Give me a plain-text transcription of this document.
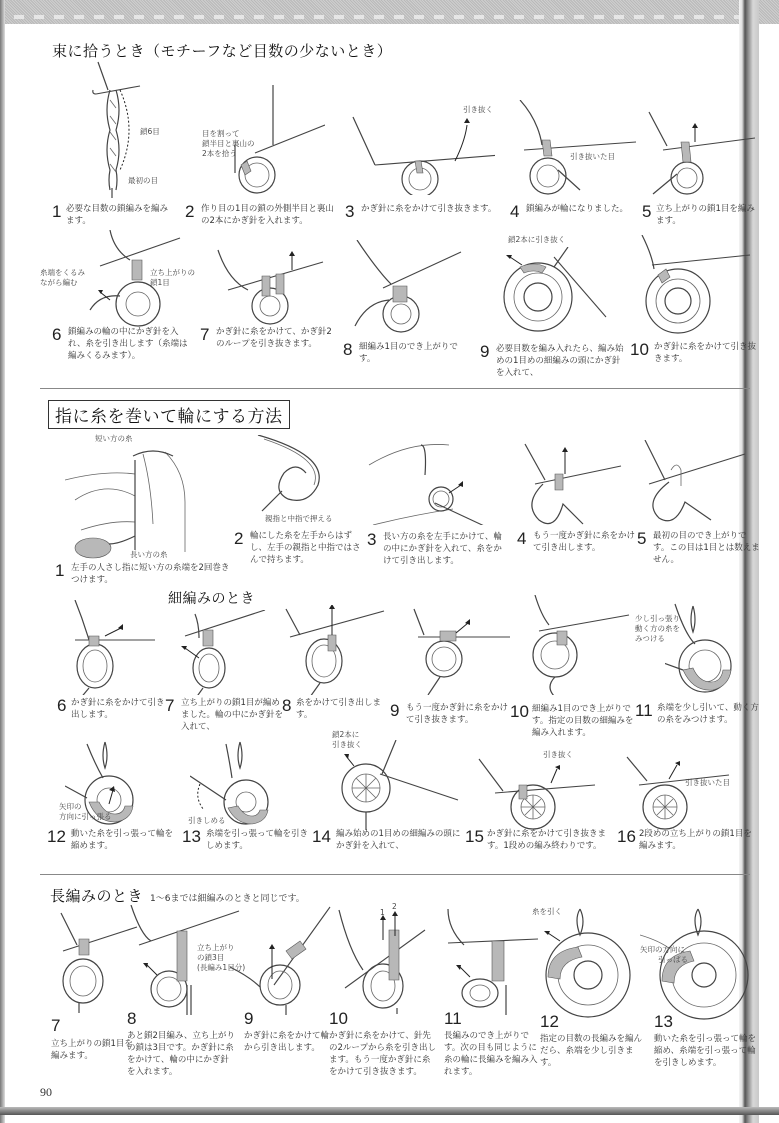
束に拾うとき（モチーフなど目数の少ないとき）
鎖6目
最初の目
1 必要な目数の鎖編みを編みます。
目を割って
鎖半目と裏山の
2本を拾う
2 作り目の1目の鎖の外側半目と裏山の2本にかぎ針を入れます。
引き抜く
3 かぎ針に糸をかけて引き抜きます。
引き抜いた目
4 鎖編みが輪になりました。 5 立ち上がりの鎖1目を編みます。
糸端をくるみ
ながら編む
立ち上がりの
鎖1目
6 鎖編みの輪の中にかぎ針を入れ、糸を引き出します（糸端は編みくるみます）。
7 かぎ針に糸をかけて、かぎ針2のループを引き抜きます。	8 細編み1目のでき上がりです。
鎖2本に引き抜く
9 必要目数を編み入れたら、編み始めの1目めの細編みの頭にかぎ針を入れて、
10 かぎ針に糸をかけて引き抜きます。
指に糸を巻いて輪にする方法
短い方の糸
長い方の糸
1 左手の人さし指に短い方の糸端を2回巻きつけます。
親指と中指で押える
2 輪にした糸を左手からはずし、左手の親指と中指ではさんで持ちます。
3 長い方の糸を左手にかけて、輪の中にかぎ針を入れて、糸をかけて引き出します。
4 もう一度かぎ針に糸をかけて引き出します。	5 最初の目のでき上がりです。この目は1目とは数えません。
細編みのとき
6 かぎ針に糸をかけて引き出します。	7 立ち上がりの鎖1目が編めました。輪の中にかぎ針を入れて、
8 糸をかけて引き出します。	9 もう一度かぎ針に糸をかけて引き抜きます。	10 細編み1目のでき上がりです。指定の目数の細編みを編み入れます。
少し引っ張り、
動く方の糸を
みつける
11 糸端を少し引いて、動く方の糸をみつけます。
矢印の
方向に引っ張る
12 動いた糸を引っ張って輪を縮めます。
引きしめる
13 糸端を引っ張って輪を引きしめます。
鎖2本に
引き抜く
14 編み始めの1目めの細編みの頭にかぎ針を入れて、
引き抜く
15 かぎ針に糸をかけて引き抜きます。1段めの編み終わりです。
引き抜いた目
16 2段めの立ち上がりの鎖1目を編みます。
長編みのとき 1〜6までは細編みのときと同じです。
7
立ち上がりの鎖1目を編みます。
立ち上がり
の鎖3目
(長編み1目分)
8
あと鎖2目編み、立ち上がりの鎖は3目です。かぎ針に糸をかけて、輪の中にかぎ針を入れます。
9
かぎ針に糸をかけて輪から引き出します。
1
2
10
かぎ針に糸をかけて、針先の2ループから糸を引き出します。もう一度かぎ針に糸をかけて引き抜きます。
11
長編みのでき上がりです。次の目も同じように糸の輪に長編みを編み入れます。
糸を引く
12
指定の目数の長編みを編んだら、糸端を少し引きます。
矢印の方向に
引っぱる
13
動いた糸を引っ張って輪を縮め、糸端を引っ張って輪を引きしめます。
90
